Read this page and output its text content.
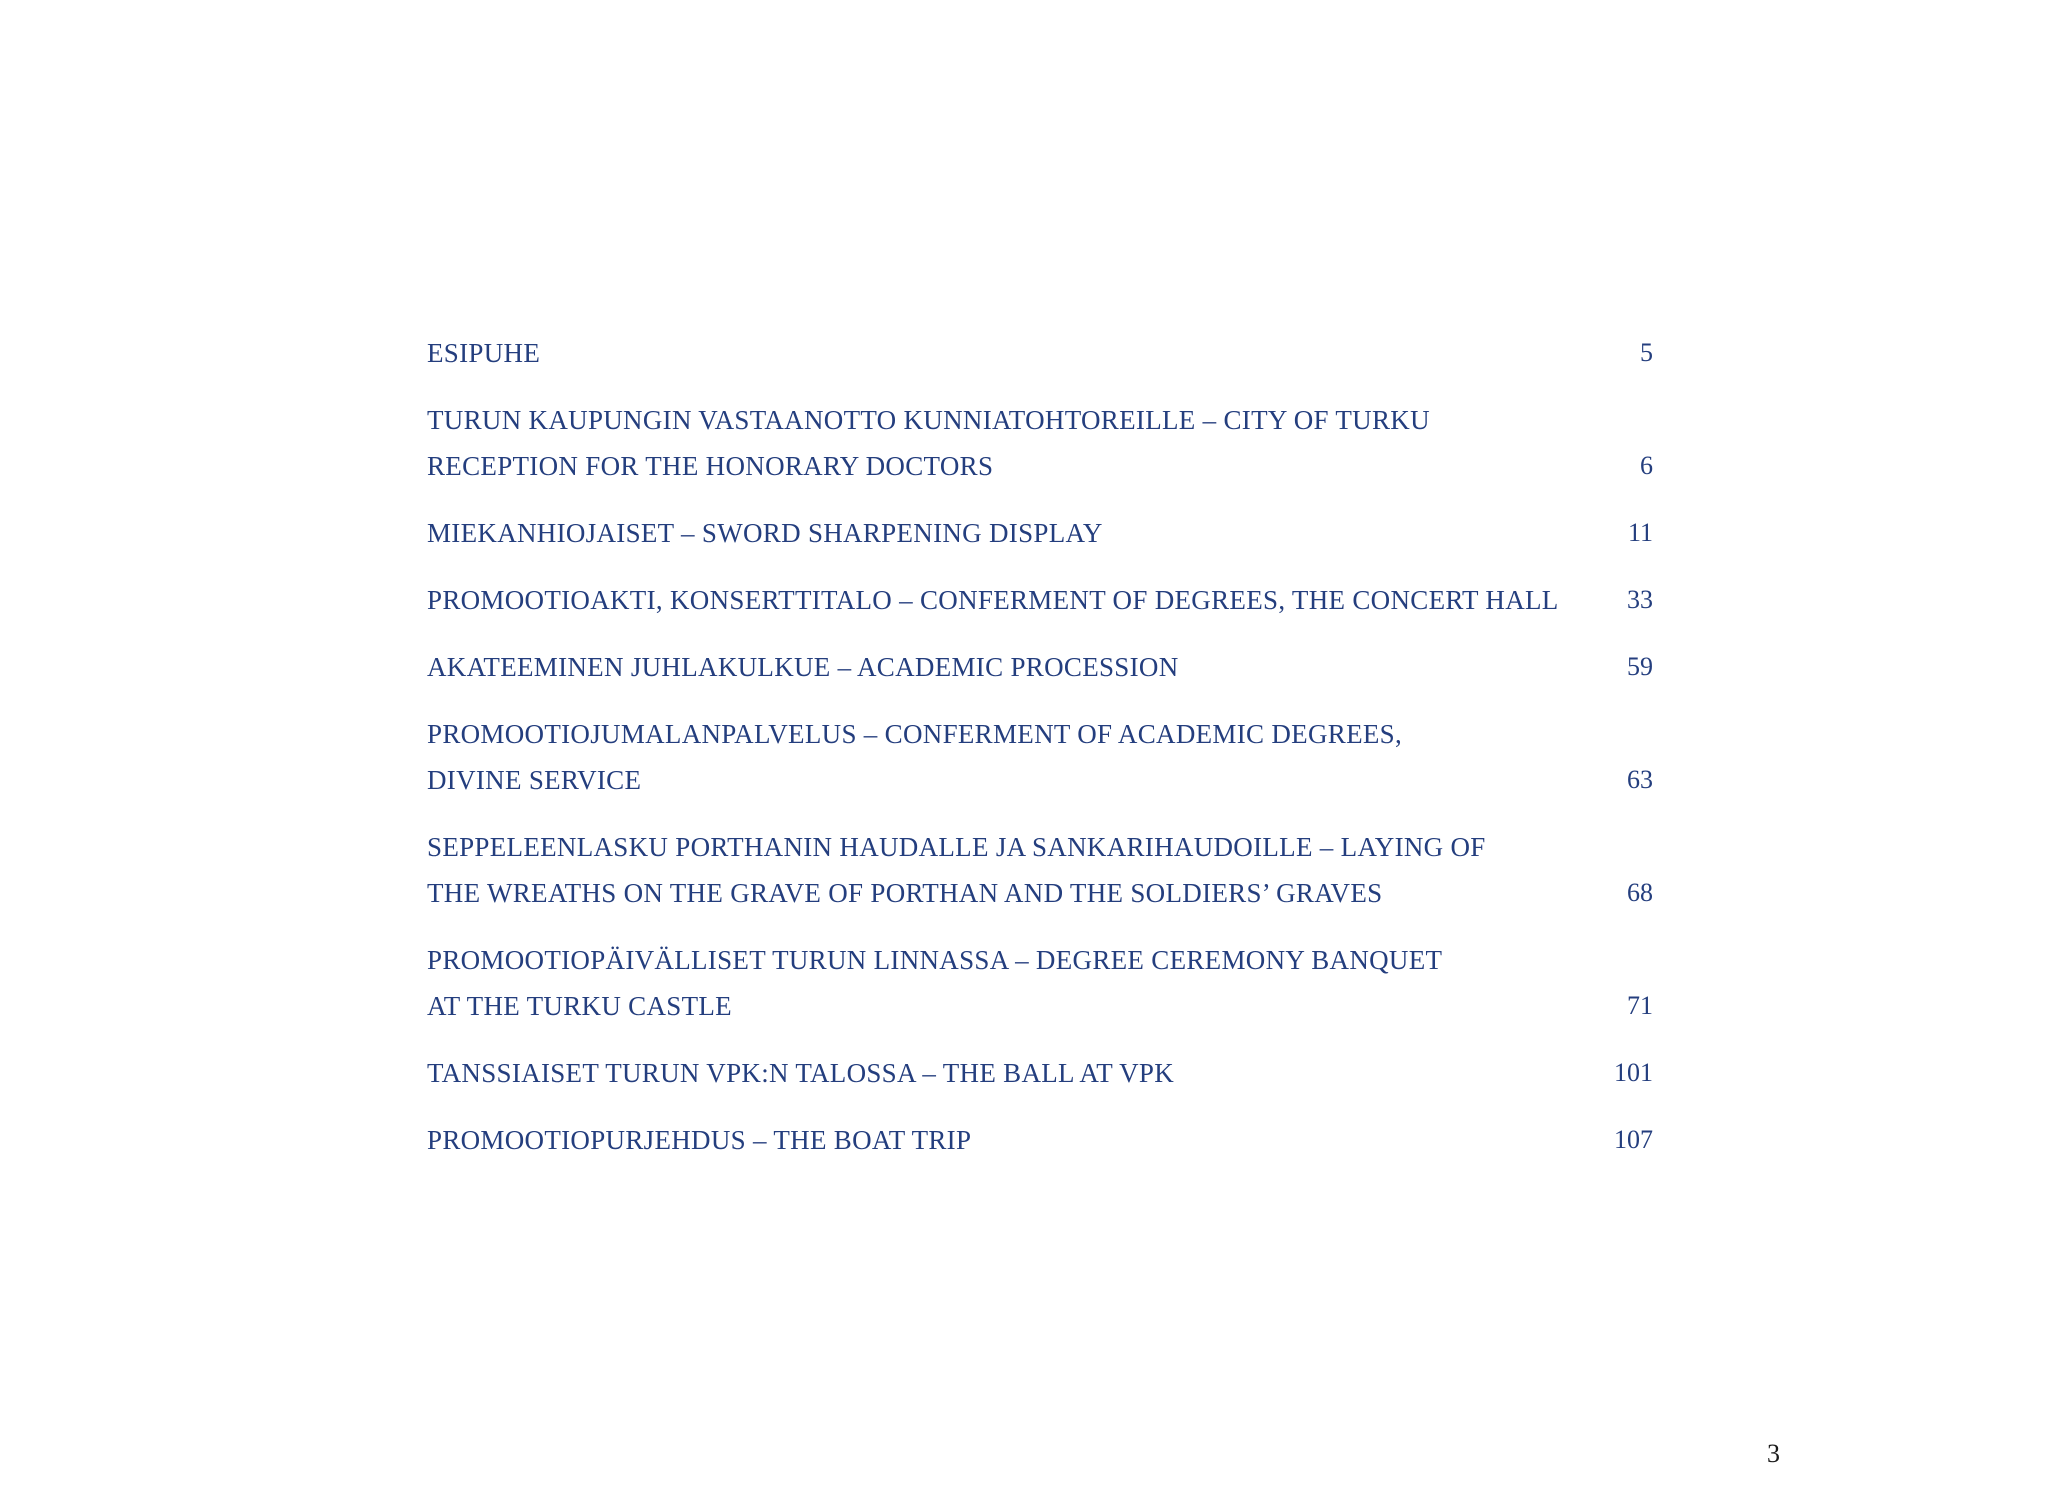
ESIPUHE	5
TURUN KAUPUNGIN VASTAANOTTO KUNNIATOHTOREILLE – CITY OF TURKU
RECEPTION FOR THE HONORARY DOCTORS	6
MIEKANHIOJAISET – SWORD SHARPENING DISPLAY	11
PROMOOTIOAKTI, KONSERTTITALO – CONFERMENT OF DEGREES, THE CONCERT HALL	33
AKATEEMINEN JUHLAKULKUE – ACADEMIC PROCESSION	59
PROMOOTIOJUMALANPALVELUS – CONFERMENT OF ACADEMIC DEGREES,
DIVINE SERVICE	63
SEPPELEENLASKU PORTHANIN HAUDALLE JA SANKARIHAUDOILLE – LAYING OF
THE WREATHS ON THE GRAVE OF PORTHAN AND THE SOLDIERS’ GRAVES	68
PROMOOTIOPÄIVÄLLISET TURUN LINNASSA – DEGREE CEREMONY BANQUET
AT THE TURKU CASTLE	71
TANSSIAISET TURUN VPK:N TALOSSA – THE BALL AT VPK	101
PROMOOTIOPURJEHDUS – THE BOAT TRIP	107
3
